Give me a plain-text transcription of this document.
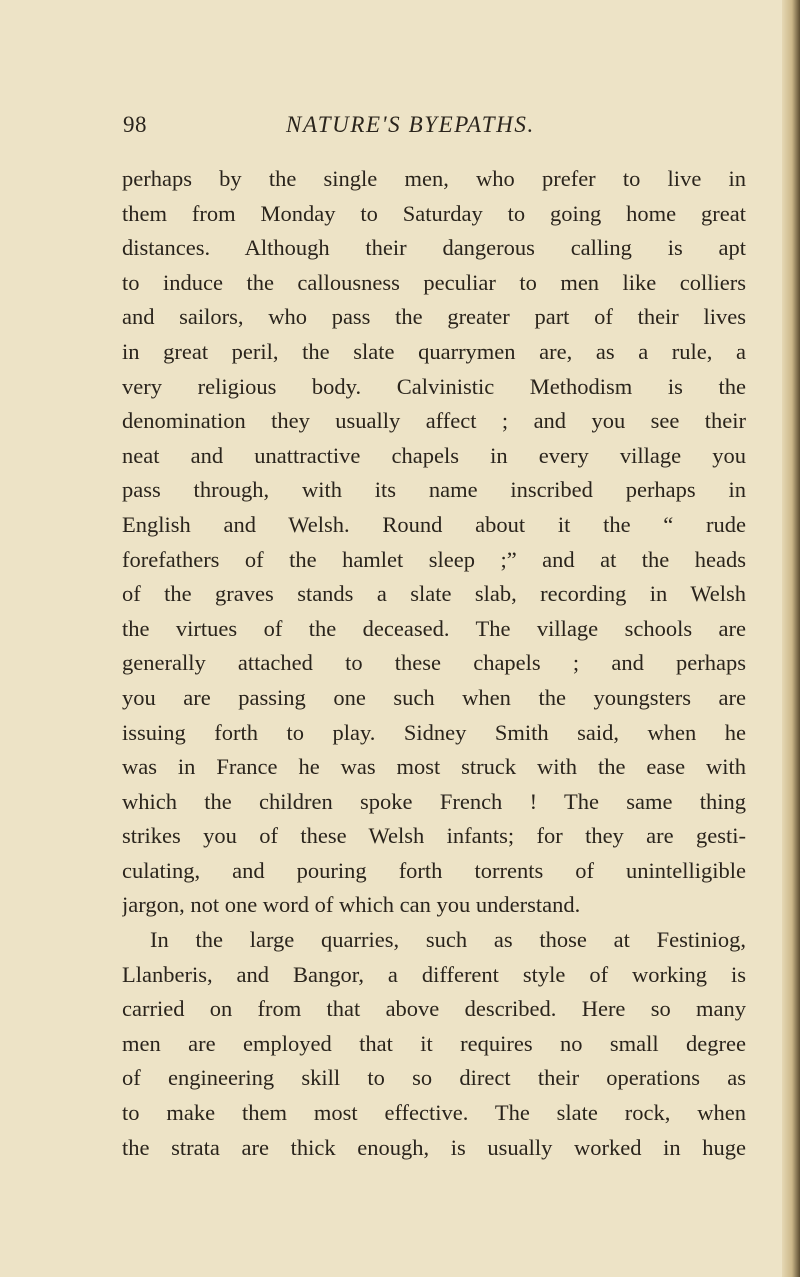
98	NATURE'S BYEPATHS.
perhaps by the single men, who prefer to live in
them from Monday to Saturday to going home great
distances. Although their dangerous calling is apt
to induce the callousness peculiar to men like colliers
and sailors, who pass the greater part of their lives
in great peril, the slate quarrymen are, as a rule, a
very religious body. Calvinistic Methodism is the
denomination they usually affect ; and you see their
neat and unattractive chapels in every village you
pass through, with its name inscribed perhaps in
English and Welsh. Round about it the “ rude
forefathers of the hamlet sleep ;” and at the heads
of the graves stands a slate slab, recording in Welsh
the virtues of the deceased. The village schools are
generally attached to these chapels ; and perhaps
you are passing one such when the youngsters are
issuing forth to play. Sidney Smith said, when he
was in France he was most struck with the ease with
which the children spoke French ! The same thing
strikes you of these Welsh infants; for they are gesti-
culating, and pouring forth torrents of unintelligible
jargon, not one word of which can you understand.
In the large quarries, such as those at Festiniog,
Llanberis, and Bangor, a different style of working is
carried on from that above described. Here so many
men are employed that it requires no small degree
of engineering skill to so direct their operations as
to make them most effective. The slate rock, when
the strata are thick enough, is usually worked in huge
